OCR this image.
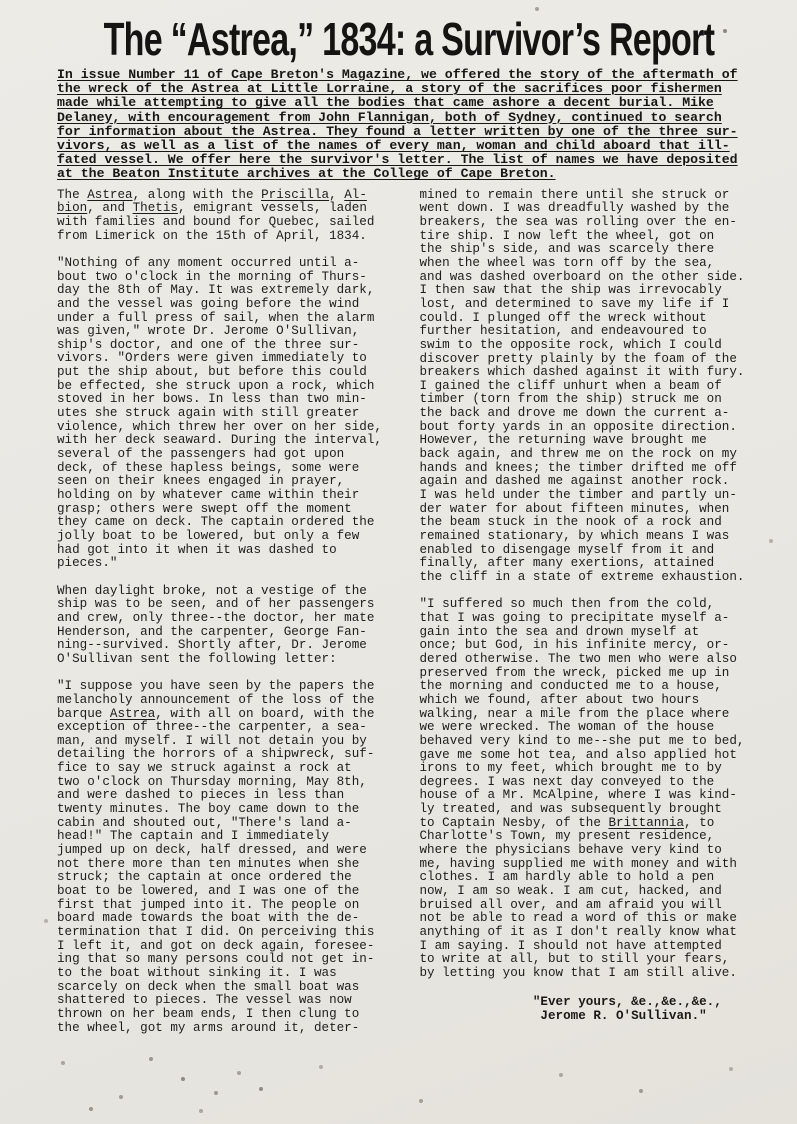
The “Astrea,” 1834: a Survivor’s Report
In issue Number 11 of Cape Breton's Magazine, we offered the story of the aftermath of
the wreck of the Astrea at Little Lorraine, a story of the sacrifices poor fishermen
made while attempting to give all the bodies that came ashore a decent burial. Mike
Delaney, with encouragement from John Flannigan, both of Sydney, continued to search
for information about the Astrea. They found a letter written by one of the three sur-
vivors, as well as a list of the names of every man, woman and child aboard that ill-
fated vessel. We offer here the survivor's letter. The list of names we have deposited
at the Beaton Institute archives at the College of Cape Breton.
The Astrea, along with the Priscilla, Al-
bion, and Thetis, emigrant vessels, laden
with families and bound for Quebec, sailed
from Limerick on the 15th of April, 1834.
"Nothing of any moment occurred until a-
bout two o'clock in the morning of Thurs-
day the 8th of May. It was extremely dark,
and the vessel was going before the wind
under a full press of sail, when the alarm
was given," wrote Dr. Jerome O'Sullivan,
ship's doctor, and one of the three sur-
vivors. "Orders were given immediately to
put the ship about, but before this could
be effected, she struck upon a rock, which
stoved in her bows. In less than two min-
utes she struck again with still greater
violence, which threw her over on her side,
with her deck seaward. During the interval,
several of the passengers had got upon
deck, of these hapless beings, some were
seen on their knees engaged in prayer,
holding on by whatever came within their
grasp; others were swept off the moment
they came on deck. The captain ordered the
jolly boat to be lowered, but only a few
had got into it when it was dashed to
pieces."
When daylight broke, not a vestige of the
ship was to be seen, and of her passengers
and crew, only three--the doctor, her mate
Henderson, and the carpenter, George Fan-
ning--survived. Shortly after, Dr. Jerome
O'Sullivan sent the following letter:
"I suppose you have seen by the papers the
melancholy announcement of the loss of the
barque Astrea, with all on board, with the
exception of three--the carpenter, a sea-
man, and myself. I will not detain you by
detailing the horrors of a shipwreck, suf-
fice to say we struck against a rock at
two o'clock on Thursday morning, May 8th,
and were dashed to pieces in less than
twenty minutes. The boy came down to the
cabin and shouted out, "There's land a-
head!" The captain and I immediately
jumped up on deck, half dressed, and were
not there more than ten minutes when she
struck; the captain at once ordered the
boat to be lowered, and I was one of the
first that jumped into it. The people on
board made towards the boat with the de-
termination that I did. On perceiving this
I left it, and got on deck again, foresee-
ing that so many persons could not get in-
to the boat without sinking it. I was
scarcely on deck when the small boat was
shattered to pieces. The vessel was now
thrown on her beam ends, I then clung to
the wheel, got my arms around it, deter-
mined to remain there until she struck or
went down. I was dreadfully washed by the
breakers, the sea was rolling over the en-
tire ship. I now left the wheel, got on
the ship's side, and was scarcely there
when the wheel was torn off by the sea,
and was dashed overboard on the other side.
I then saw that the ship was irrevocably
lost, and determined to save my life if I
could. I plunged off the wreck without
further hesitation, and endeavoured to
swim to the opposite rock, which I could
discover pretty plainly by the foam of the
breakers which dashed against it with fury.
I gained the cliff unhurt when a beam of
timber (torn from the ship) struck me on
the back and drove me down the current a-
bout forty yards in an opposite direction.
However, the returning wave brought me
back again, and threw me on the rock on my
hands and knees; the timber drifted me off
again and dashed me against another rock.
I was held under the timber and partly un-
der water for about fifteen minutes, when
the beam stuck in the nook of a rock and
remained stationary, by which means I was
enabled to disengage myself from it and
finally, after many exertions, attained
the cliff in a state of extreme exhaustion.
"I suffered so much then from the cold,
that I was going to precipitate myself a-
gain into the sea and drown myself at
once; but God, in his infinite mercy, or-
dered otherwise. The two men who were also
preserved from the wreck, picked me up in
the morning and conducted me to a house,
which we found, after about two hours
walking, near a mile from the place where
we were wrecked. The woman of the house
behaved very kind to me--she put me to bed,
gave me some hot tea, and also applied hot
irons to my feet, which brought me to by
degrees. I was next day conveyed to the
house of a Mr. McAlpine, where I was kind-
ly treated, and was subsequently brought
to Captain Nesby, of the Brittannia, to
Charlotte's Town, my present residence,
where the physicians behave very kind to
me, having supplied me with money and with
clothes. I am hardly able to hold a pen
now, I am so weak. I am cut, hacked, and
bruised all over, and am afraid you will
not be able to read a word of this or make
anything of it as I don't really know what
I am saying. I should not have attempted
to write at all, but to still your fears,
by letting you know that I am still alive.
"Ever yours, &e.,&e.,&e.,
Jerome R. O'Sullivan."
